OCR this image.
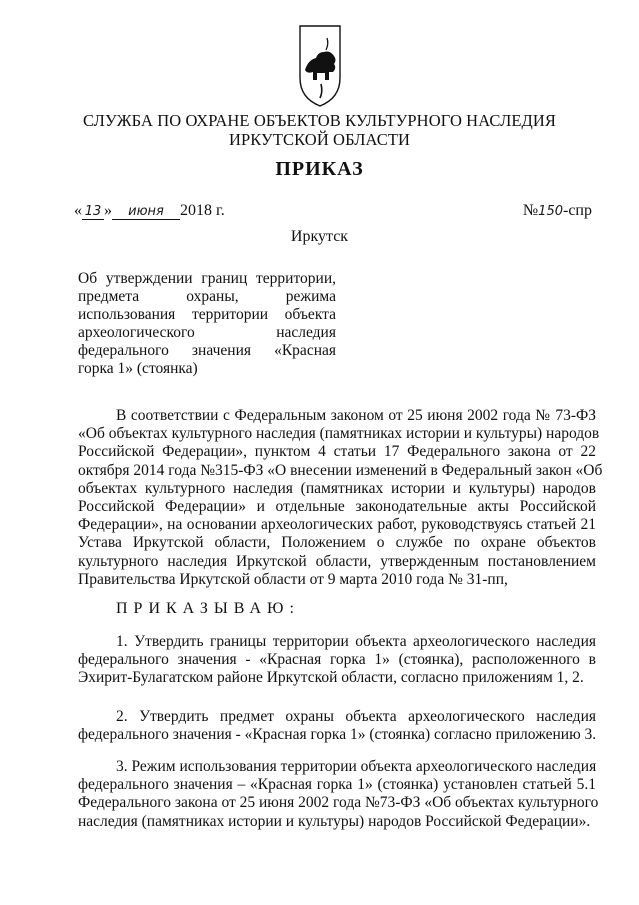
СЛУЖБА ПО ОХРАНЕ ОБЪЕКТОВ КУЛЬТУРНОГО НАСЛЕДИЯ
ИРКУТСКОЙ ОБЛАСТИ
ПРИКАЗ
« 13 » июня 2018 г.	№150-спр
Иркутск
Об утверждении границ территории,
предмета охраны, режима
использования территории объекта
археологического наследия
федерального значения «Красная
горка 1» (стоянка)
В соответствии с Федеральным законом от 25 июня 2002 года № 73-ФЗ
«Об объектах культурного наследия (памятниках истории и культуры) народов
Российской Федерации», пунктом 4 статьи 17 Федерального закона от 22
октября 2014 года №315-ФЗ «О внесении изменений в Федеральный закон «Об
объектах культурного наследия (памятниках истории и культуры) народов
Российской Федерации» и отдельные законодательные акты Российской
Федерации», на основании археологических работ, руководствуясь статьей 21
Устава Иркутской области, Положением о службе по охране объектов
культурного наследия Иркутской области, утвержденным постановлением
Правительства Иркутской области от 9 марта 2010 года № 31-пп,
ПРИКАЗЫВАЮ:
1. Утвердить границы территории объекта археологического наследия
федерального значения - «Красная горка 1» (стоянка), расположенного в
Эхирит-Булагатском районе Иркутской области, согласно приложениям 1, 2.
2. Утвердить предмет охраны объекта археологического наследия
федерального значения - «Красная горка 1» (стоянка) согласно приложению 3.
3. Режим использования территории объекта археологического наследия
федерального значения – «Красная горка 1» (стоянка) установлен статьей 5.1
Федерального закона от 25 июня 2002 года №73-ФЗ «Об объектах культурного
наследия (памятниках истории и культуры) народов Российской Федерации».
